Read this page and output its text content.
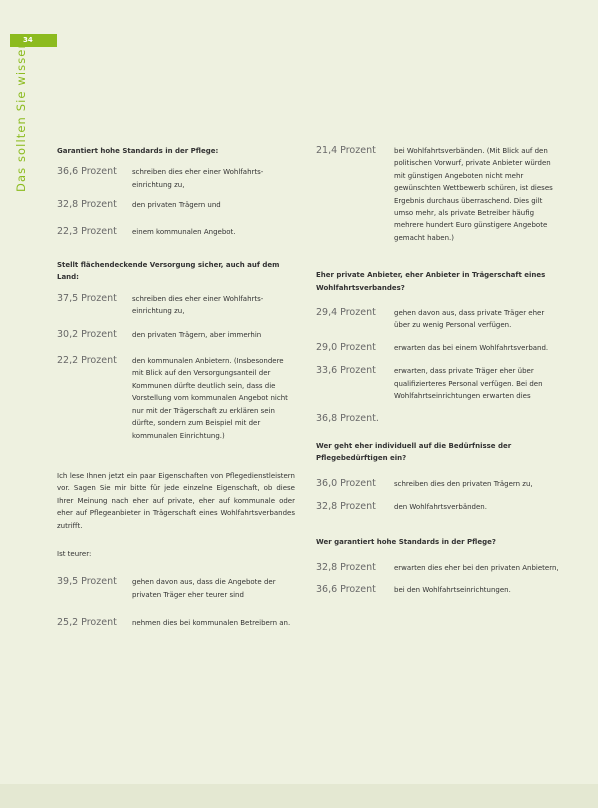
34
Das sollten Sie wissen	Garantiert hohe Standards in der Pflege:
36,6 Prozent	schreiben dies eher einer Wohlfahrts-einrichtung zu,
32,8 Prozent	den privaten Trägern und
22,3 Prozent	einem kommunalen Angebot.
Stellt flächendeckende Versorgung sicher, auch auf dem Land:
37,5 Prozent	schreiben dies eher einer Wohlfahrts-einrichtung zu,
30,2 Prozent	den privaten Trägern, aber immerhin
22,2 Prozent	den kommunalen Anbietern. (Insbesondere mit Blick auf den Versorgungsanteil der Kommunen dürfte deutlich sein, dass die Vorstellung vom kommunalen Angebot nicht nur mit der Trägerschaft zu erklären sein dürfte, sondern zum Beispiel mit der kommunalen Einrichtung.)
Ich lese Ihnen jetzt ein paar Eigenschaften von Pflegedienstleistern vor. Sagen Sie mir bitte für jede einzelne Eigenschaft, ob diese Ihrer Meinung nach eher auf private, eher auf kommunale oder eher auf Pflegeanbieter in Trägerschaft eines Wohlfahrtsverbandes zutrifft.
Ist teurer:
39,5 Prozent	gehen davon aus, dass die Angebote der privaten Träger eher teurer sind
25,2 Prozent	nehmen dies bei kommunalen Betreibern an.
21,4 Prozent	bei Wohlfahrtsverbänden. (Mit Blick auf den politischen Vorwurf, private Anbieter würden mit günstigen Angeboten nicht mehr gewünschten Wettbewerb schüren, ist dieses Ergebnis durchaus überraschend. Dies gilt umso mehr, als private Betreiber häufig mehrere hundert Euro günstigere Angebote gemacht haben.)
Eher private Anbieter, eher Anbieter in Trägerschaft eines Wohlfahrtsverbandes?
29,4 Prozent	gehen davon aus, dass private Träger eher über zu wenig Personal verfügen.
29,0 Prozent	erwarten das bei einem Wohlfahrtsverband.
33,6 Prozent	erwarten, dass private Träger eher über qualifizierteres Personal verfügen. Bei den Wohlfahrtseinrichtungen erwarten dies
36,8 Prozent.
Wer geht eher individuell auf die Bedürfnisse der Pflegebedürftigen ein?
36,0 Prozent	schreiben dies den privaten Trägern zu,
32,8 Prozent	den Wohlfahrtsverbänden.
Wer garantiert hohe Standards in der Pflege?
32,8 Prozent	erwarten dies eher bei den privaten Anbietern,
36,6 Prozent	bei den Wohlfahrtseinrichtungen.
